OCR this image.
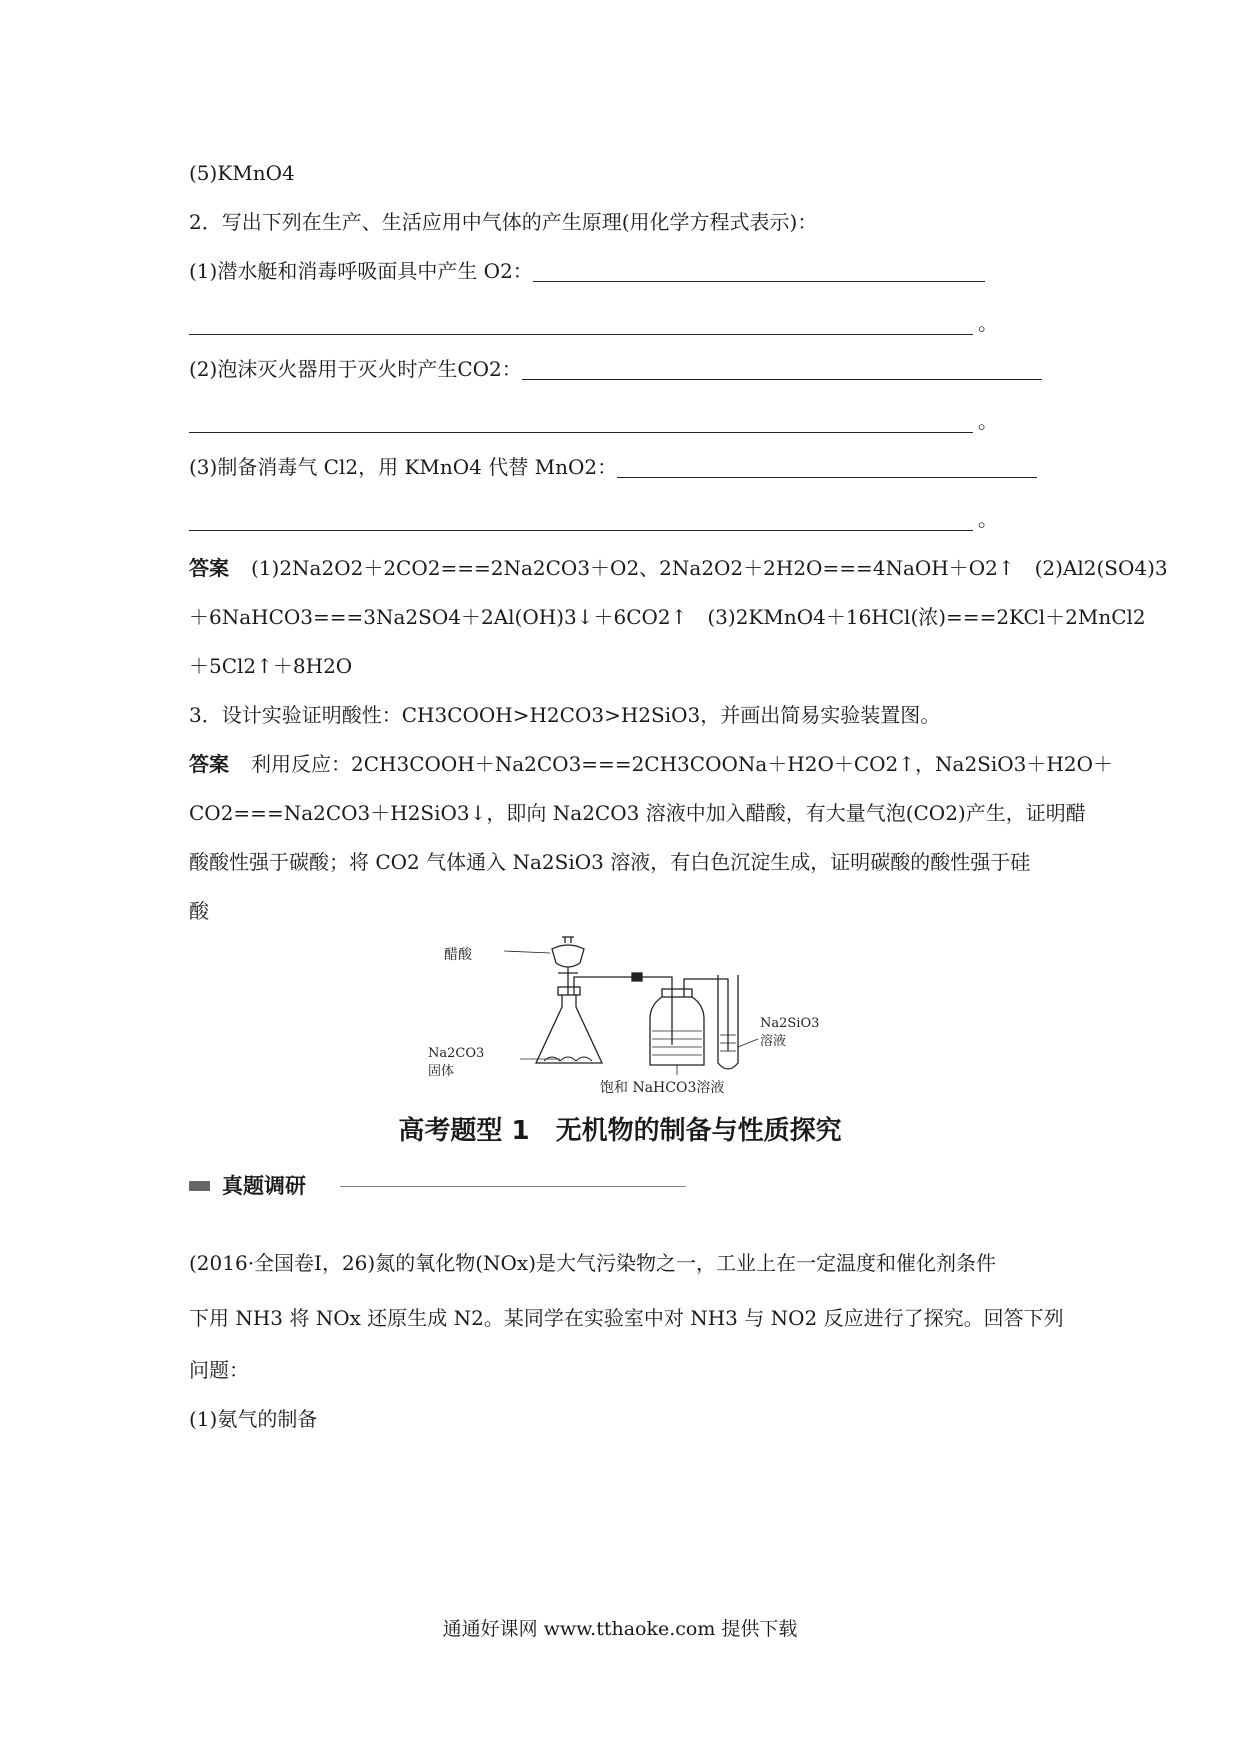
(5)KMnO4
2．写出下列在生产、生活应用中气体的产生原理(用化学方程式表示)：
(1)潜水艇和消毒呼吸面具中产生 O2：
。
(2)泡沫灭火器用于灭火时产生CO2：
。
(3)制备消毒气 Cl2，用 KMnO4 代替 MnO2：
。
答案 (1)2Na2O2＋2CO2===2Na2CO3＋O2、2Na2O2＋2H2O===4NaOH＋O2↑　(2)Al2(SO4)3
＋6NaHCO3===3Na2SO4＋2Al(OH)3↓＋6CO2↑　(3)2KMnO4＋16HCl(浓)===2KCl＋2MnCl2
＋5Cl2↑＋8H2O
3．设计实验证明酸性：CH3COOH>H2CO3>H2SiO3，并画出简易实验装置图。
答案 利用反应：2CH3COOH＋Na2CO3===2CH3COONa＋H2O＋CO2↑，Na2SiO3＋H2O＋
CO2===Na2CO3＋H2SiO3↓，即向 Na2CO3 溶液中加入醋酸，有大量气泡(CO2)产生，证明醋
酸酸性强于碳酸；将 CO2 气体通入 Na2SiO3 溶液，有白色沉淀生成，证明碳酸的酸性强于硅
酸
醋酸
Na2CO3
固体
Na2SiO3
溶液
饱和 NaHCO3溶液
高考题型 1　无机物的制备与性质探究
真题调研
(2016·全国卷Ⅰ，26)氮的氧化物(NOx)是大气污染物之一，工业上在一定温度和催化剂条件
下用 NH3 将 NOx 还原生成 N2。某同学在实验室中对 NH3 与 NO2 反应进行了探究。回答下列
问题：
(1)氨气的制备
通通好课网 www.tthaoke.com 提供下载
